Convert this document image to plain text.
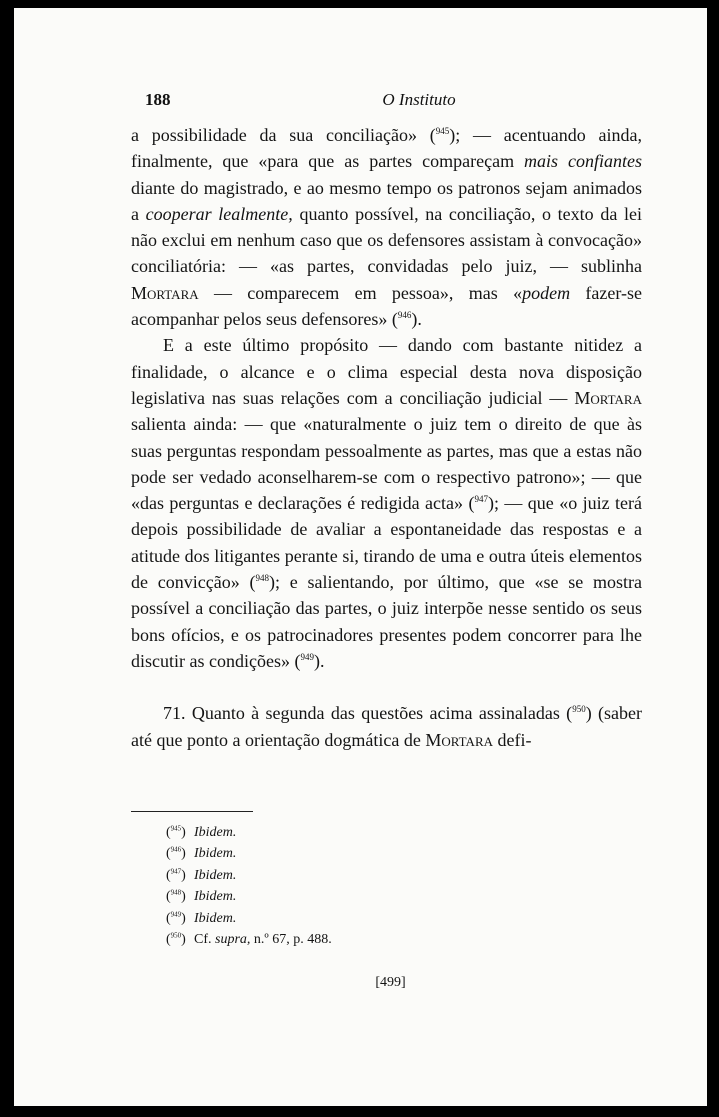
188	O Instituto

a possibilidade da sua conciliação» ($^{945}$); — acentuando ainda, finalmente, que «para que as partes compareçam mais confiantes diante do magistrado, e ao mesmo tempo os patronos sejam animados a cooperar lealmente, quanto possível, na conciliação, o texto da lei não exclui em nenhum caso que os defensores assistam à convocação» conciliatória: — «as partes, convidadas pelo juiz, — sublinha Mortara — comparecem em pessoa», mas «podem fazer-se acompanhar pelos seus defensores» ($^{946}$).

E a este último propósito — dando com bastante nitidez a finalidade, o alcance e o clima especial desta nova disposição legislativa nas suas relações com a conciliação judicial — Mortara salienta ainda: — que «naturalmente o juiz tem o direito de que às suas perguntas respondam pessoalmente as partes, mas que a estas não pode ser vedado aconselharem-se com o respectivo patrono»; — que «das perguntas e declarações é redigida acta» ($^{947}$); — que «o juiz terá depois possibilidade de avaliar a espontaneidade das respostas e a atitude dos litigantes perante si, tirando de uma e outra úteis elementos de convicção» ($^{948}$); e salientando, por último, que «se se mostra possível a conciliação das partes, o juiz interpõe nesse sentido os seus bons ofícios, e os patrocinadores presentes podem concorrer para lhe discutir as condições» ($^{949}$).

71. Quanto à segunda das questões acima assinaladas ($^{950}$) (saber até que ponto a orientação dogmática de Mortara defi-

($^{945}$) Ibidem.
($^{946}$) Ibidem.
($^{947}$) Ibidem.
($^{948}$) Ibidem.
($^{949}$) Ibidem.
($^{950}$) Cf. supra, n.º 67, p. 488.
[499]
